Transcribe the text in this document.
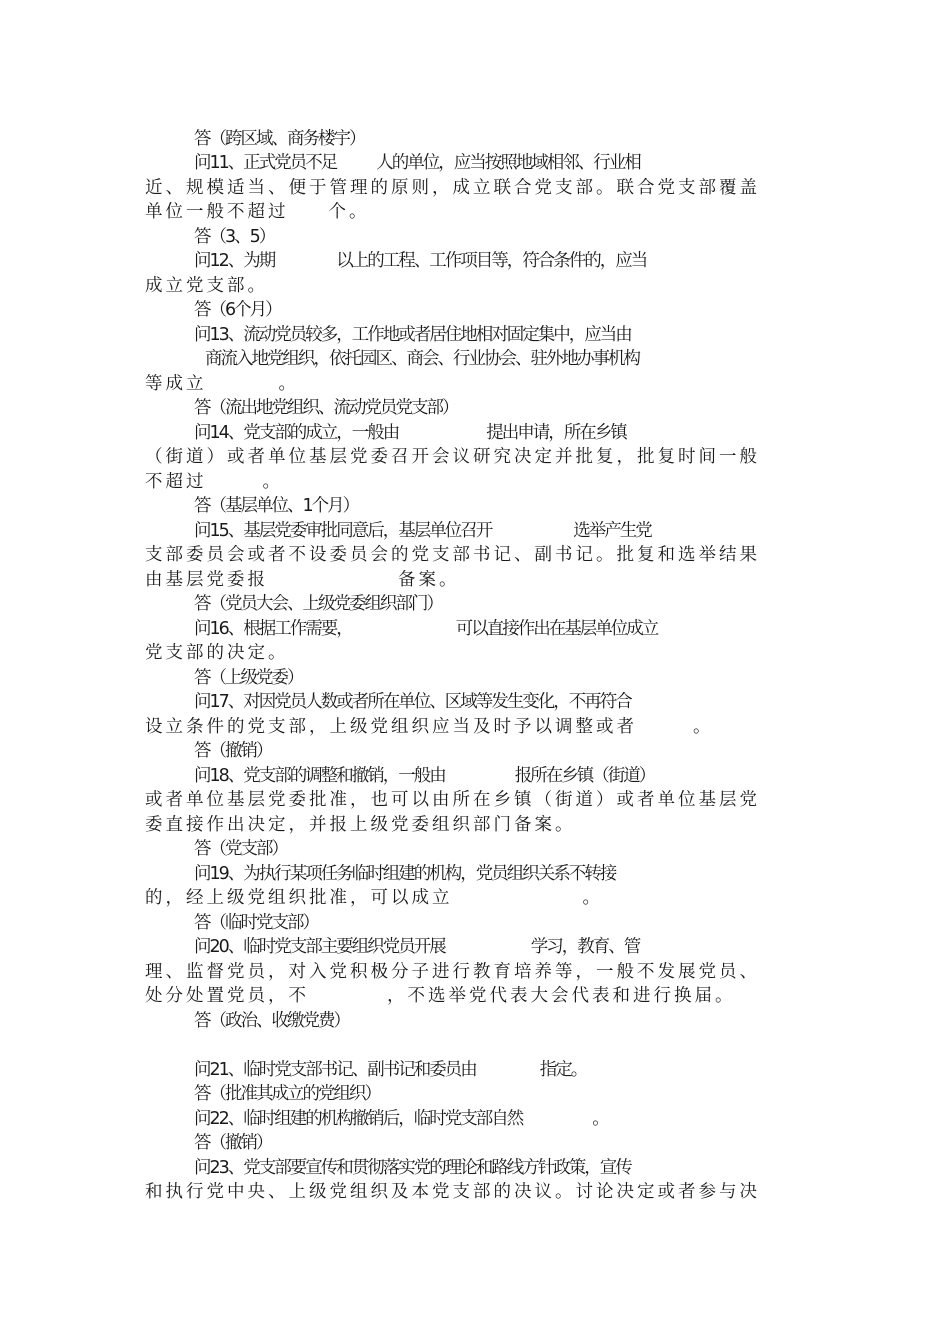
答（跨区域、商务楼宇）
问11、正式党员不足 人的单位，应当按照地域相邻、行业相
近、规模适当、便于管理的原则，成立联合党支部。联合党支部覆盖
单位一般不超过 个。
答（3、5）
问12、为期	以上的工程、工作项目等，符合条件的，应当
成立党支部。
答（6个月）
问13、流动党员较多，工作地或者居住地相对固定集中，应当由
商流入地党组织，依托园区、商会、行业协会、驻外地办事机构
等成立	。
答（流出地党组织、流动党员党支部）
问14、党支部的成立，一般由	提出申请，所在乡镇
（街道）或者单位基层党委召开会议研究决定并批复，批复时间一般
不超过	。
答（基层单位、1个月）
问15、基层党委审批同意后，基层单位召开	选举产生党
支部委员会或者不设委员会的党支部书记、副书记。批复和选举结果
由基层党委报	备案。
答（党员大会、上级党委组织部门）
问16、根据工作需要，	可以直接作出在基层单位成立
党支部的决定。
答（上级党委）
问17、对因党员人数或者所在单位、区域等发生变化，不再符合
设立条件的党支部，上级党组织应当及时予以调整或者	。
答（撤销）
问18、党支部的调整和撤销，一般由	报所在乡镇（街道）
或者单位基层党委批准，也可以由所在乡镇（街道）或者单位基层党
委直接作出决定，并报上级党委组织部门备案。
答（党支部）
问19、为执行某项任务临时组建的机构，党员组织关系不转接
的，经上级党组织批准，可以成立	。
答（临时党支部）
问20、临时党支部主要组织党员开展	学习，教育、管
理、监督党员，对入党积极分子进行教育培养等，一般不发展党员、
处分处置党员，不	，不选举党代表大会代表和进行换届。
答（政治、收缴党费）
问21、临时党支部书记、副书记和委员由	指定。
答（批准其成立的党组织）
问22、临时组建的机构撤销后，临时党支部自然	。
答（撤销）
问23、党支部要宣传和贯彻落实党的理论和路线方针政策，宣传
和执行党中央、上级党组织及本党支部的决议。讨论决定或者参与决
